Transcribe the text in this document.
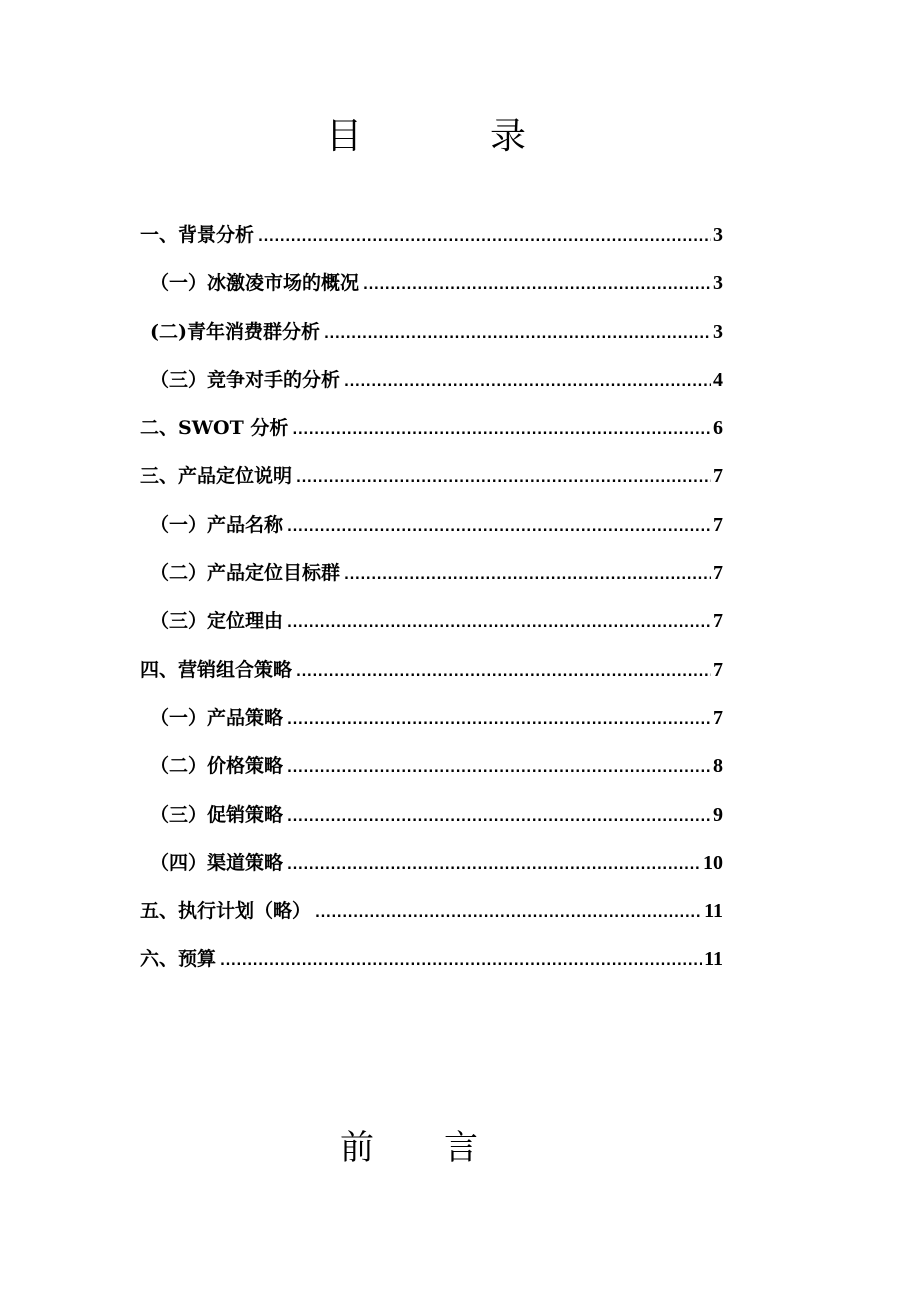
目	录
一、背景分析 .....	3
（一）冰激凌市场的概况 .....	3
(二)青年消费群分析 .....	3
（三）竞争对手的分析 .....	4
二、SWOT 分析 .....	6
三、产品定位说明 .....	7
（一）产品名称 .....	7
（二）产品定位目标群 .....	7
（三）定位理由 .....	7
四、营销组合策略 .....	7
（一）产品策略 .....	7
（二）价格策略 .....	8
（三）促销策略 .....	9
（四）渠道策略 .....	10
五、执行计划（略） .....	11
六、预算 .....	11
前 言
